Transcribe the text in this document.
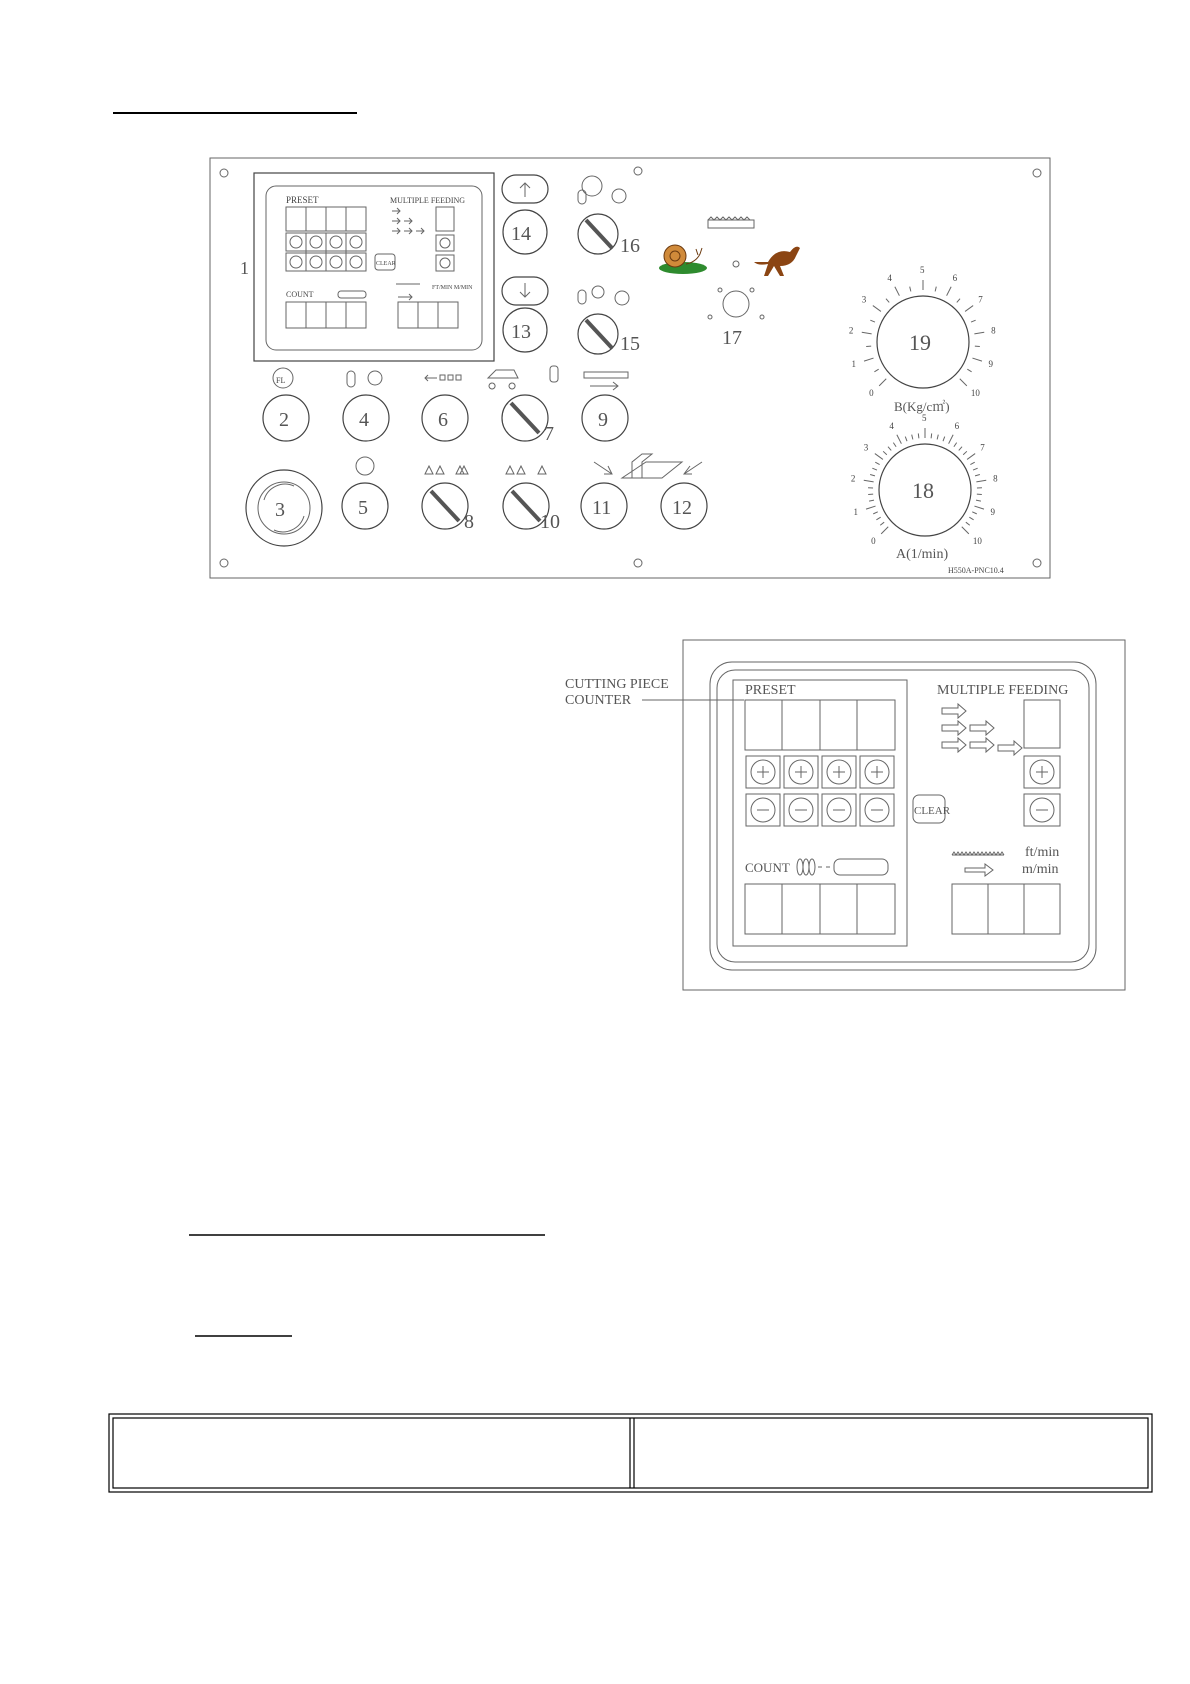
1
PRESET	MULTIPLE FEEDING
CLEAR
COUNT
FT/MIN M/MIN
14
13
16
15	17
0
1
2
3
4
5
6
7
8
9
10
19
B(Kg/c㎡)
0
1
2
3
4
5
6
7
8
9
10
18
A(1/min)
H550A-PNC10.4
2	4	6
7
9
FL
3	5
8	10
11	12
CUTTING PIECE
COUNTER
PRESET
COUNT
CLEAR
MULTIPLE FEEDING
ft/min
m/min
